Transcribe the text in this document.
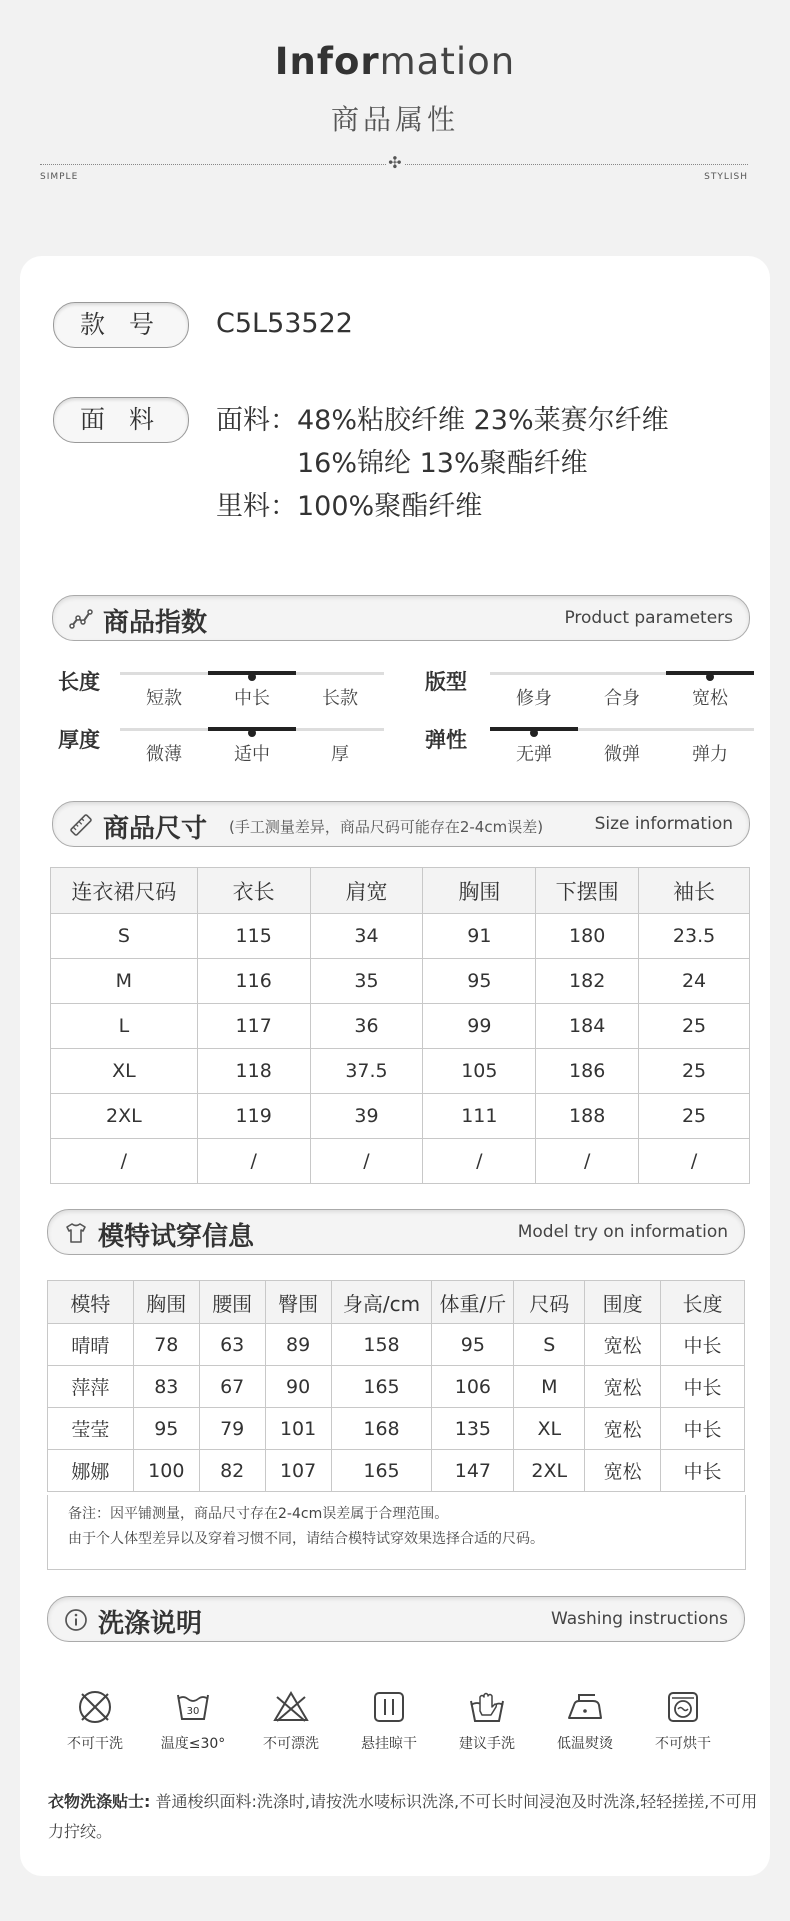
Information
商品属性
✣
SIMPLE	STYLISH
款 号	C5L53522
面 料	面料：48%粘胶纤维 23%莱赛尔纤维
16%锦纶 13%聚酯纤维
里料：100%聚酯纤维
商品指数	Product parameters
长度
短款	中长	长款
版型
修身	合身	宽松
厚度
微薄	适中	厚
弹性
无弹	微弹	弹力
商品尺寸 (手工测量差异，商品尺码可能存在2-4cm误差)	Size information
连衣裙尺码	衣长	肩宽	胸围	下摆围	袖长
S	115	34	91	180	23.5
M	116	35	95	182	24
L	117	36	99	184	25
XL	118	37.5	105	186	25
2XL	119	39	111	188	25
/	/	/	/	/	/
模特试穿信息	Model try on information
模特	胸围	腰围	臀围	身高/cm	体重/斤	尺码	围度	长度
晴晴	78	63	89	158	95	S	宽松	中长
萍萍	83	67	90	165	106	M	宽松	中长
莹莹	95	79	101	168	135	XL	宽松	中长
娜娜	100	82	107	165	147	2XL	宽松	中长
备注：因平铺测量，商品尺寸存在2-4cm误差属于合理范围。
由于个人体型差异以及穿着习惯不同，请结合模特试穿效果选择合适的尺码。
洗涤说明	Washing instructions
不可干洗
30
温度≤30°	不可漂洗	悬挂晾干	建议手洗	低温熨烫	不可烘干
衣物洗涤贴士: 普通梭织面料:洗涤时,请按洗水唛标识洗涤,不可长时间浸泡及时洗涤,轻轻搓搓,不可用力拧绞。
